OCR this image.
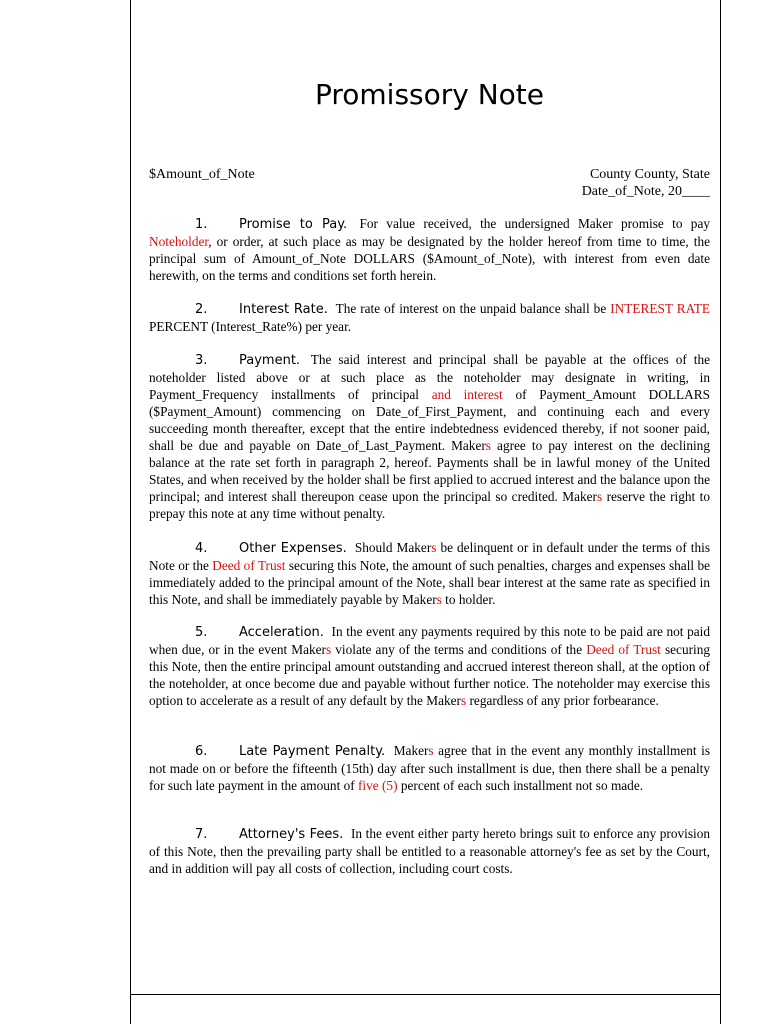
Promissory Note
$Amount_of_Note	County County, State
Date_of_Note, 20____

1. Promise to Pay. For value received, the undersigned Maker promise to pay Noteholder, or order, at such place as may be designated by the holder hereof from time to time, the principal sum of Amount_of_Note DOLLARS ($Amount_of_Note), with interest from even date herewith, on the terms and conditions set forth herein.

2. Interest Rate. The rate of interest on the unpaid balance shall be INTEREST RATE PERCENT (Interest_Rate%) per year.

3. Payment. The said interest and principal shall be payable at the offices of the noteholder listed above or at such place as the noteholder may designate in writing, in Payment_Frequency installments of principal and interest of Payment_Amount DOLLARS ($Payment_Amount) commencing on Date_of_First_Payment, and continuing each and every succeeding month thereafter, except that the entire indebtedness evidenced thereby, if not sooner paid, shall be due and payable on Date_of_Last_Payment. Makers agree to pay interest on the declining balance at the rate set forth in paragraph 2, hereof. Payments shall be in lawful money of the United States, and when received by the holder shall be first applied to accrued interest and the balance upon the principal; and interest shall thereupon cease upon the principal so credited. Makers reserve the right to prepay this note at any time without penalty.

4. Other Expenses. Should Makers be delinquent or in default under the terms of this Note or the Deed of Trust securing this Note, the amount of such penalties, charges and expenses shall be immediately added to the principal amount of the Note, shall bear interest at the same rate as specified in this Note, and shall be immediately payable by Makers to holder.

5. Acceleration. In the event any payments required by this note to be paid are not paid when due, or in the event Makers violate any of the terms and conditions of the Deed of Trust securing this Note, then the entire principal amount outstanding and accrued interest thereon shall, at the option of the noteholder, at once become due and payable without further notice. The noteholder may exercise this option to accelerate as a result of any default by the Makers regardless of any prior forbearance.

6. Late Payment Penalty. Makers agree that in the event any monthly installment is not made on or before the fifteenth (15th) day after such installment is due, then there shall be a penalty for such late payment in the amount of five (5) percent of each such installment not so made.

7. Attorney's Fees. In the event either party hereto brings suit to enforce any provision of this Note, then the prevailing party shall be entitled to a reasonable attorney's fee as set by the Court, and in addition will pay all costs of collection, including court costs.
